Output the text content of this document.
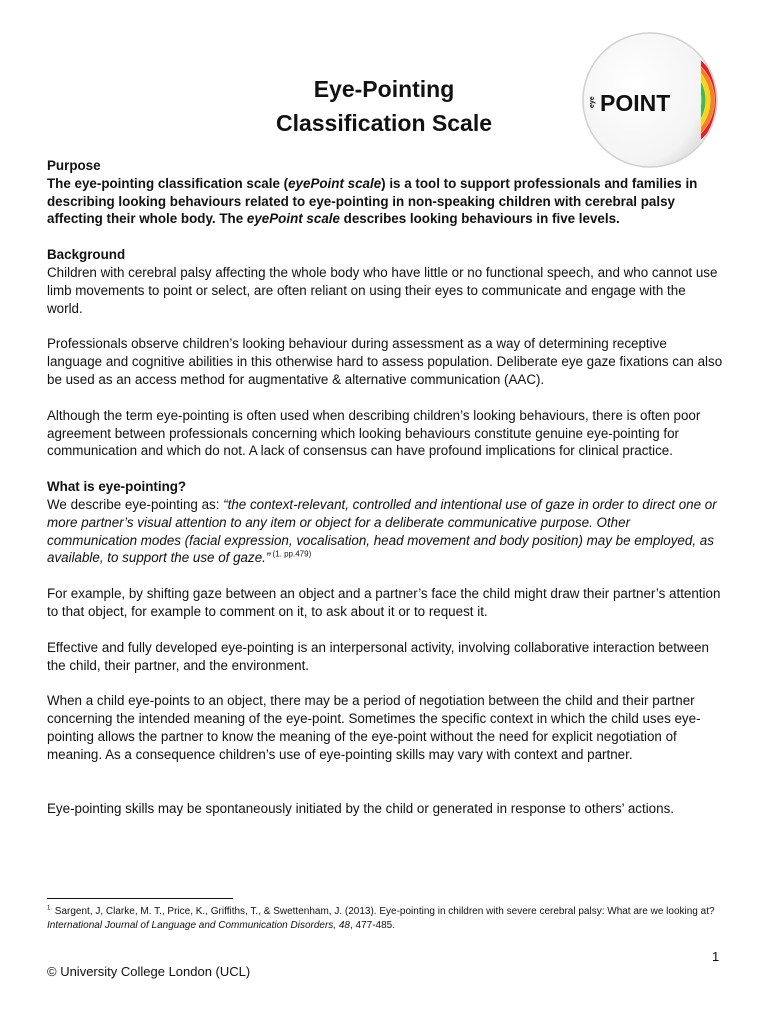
Eye-Pointing
Classification Scale
eye POINT

Purpose

The eye-pointing classification scale (eyePoint scale) is a tool to support professionals and families in describing looking behaviours related to eye-pointing in non-speaking children with cerebral palsy affecting their whole body. The eyePoint scale describes looking behaviours in five levels.

Background

Children with cerebral palsy affecting the whole body who have little or no functional speech, and who cannot use limb movements to point or select, are often reliant on using their eyes to communicate and engage with the world.

Professionals observe children’s looking behaviour during assessment as a way of determining receptive language and cognitive abilities in this otherwise hard to assess population. Deliberate eye gaze fixations can also be used as an access method for augmentative & alternative communication (AAC).

Although the term eye-pointing is often used when describing children’s looking behaviours, there is often poor agreement between professionals concerning which looking behaviours constitute genuine eye-pointing for communication and which do not. A lack of consensus can have profound implications for clinical practice.

What is eye-pointing?

We describe eye-pointing as: “the context-relevant, controlled and intentional use of gaze in order to direct one or more partner’s visual attention to any item or object for a deliberate communicative purpose. Other communication modes (facial expression, vocalisation, head movement and body position) may be employed, as available, to support the use of gaze.” $^{(1. pp.479)}$

For example, by shifting gaze between an object and a partner’s face the child might draw their partner’s attention to that object, for example to comment on it, to ask about it or to request it.

Effective and fully developed eye-pointing is an interpersonal activity, involving collaborative interaction between the child, their partner, and the environment.

When a child eye-points to an object, there may be a period of negotiation between the child and their partner concerning the intended meaning of the eye-point. Sometimes the specific context in which the child uses eye-pointing allows the partner to know the meaning of the eye-point without the need for explicit negotiation of meaning. As a consequence children’s use of eye-pointing skills may vary with context and partner.

Eye-pointing skills may be spontaneously initiated by the child or generated in response to others’ actions.

$^{1.}$ Sargent, J, Clarke, M. T., Price, K., Griffiths, T., & Swettenham, J. (2013). Eye-pointing in children with severe cerebral palsy: What are we looking at? International Journal of Language and Communication Disorders, 48, 477-485.
1
© University College London (UCL)
